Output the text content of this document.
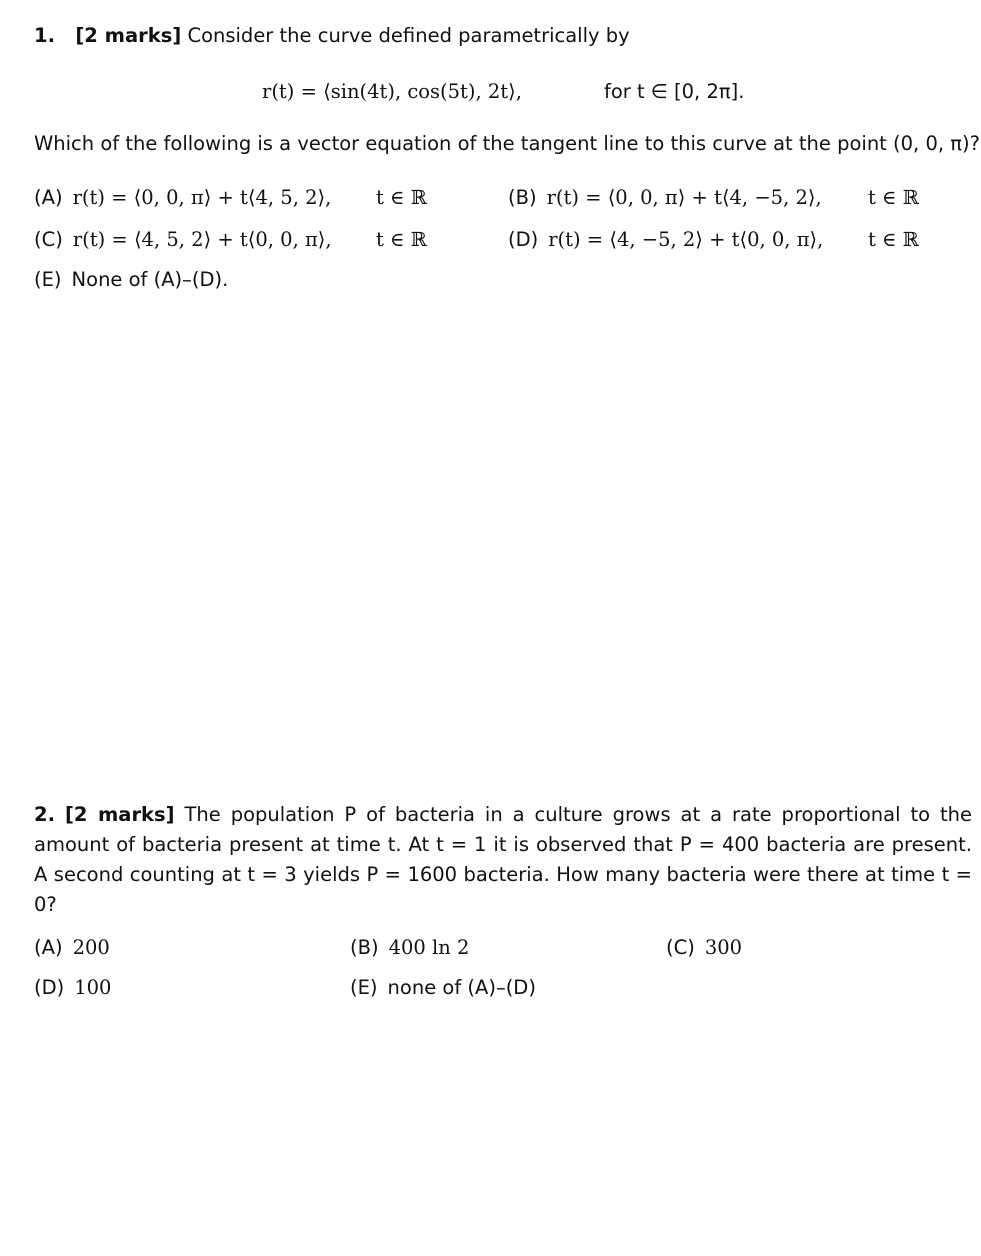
1. [2 marks] Consider the curve defined parametrically by
r(t) = ⟨sin(4t), cos(5t), 2t⟩,	for t ∈ [0, 2π].
Which of the following is a vector equation of the tangent line to this curve at the point (0, 0, π)?
(A) r(t) = ⟨0, 0, π⟩ + t⟨4, 5, 2⟩, t ∈ ℝ	(B) r(t) = ⟨0, 0, π⟩ + t⟨4, −5, 2⟩, t ∈ ℝ
(C) r(t) = ⟨4, 5, 2⟩ + t⟨0, 0, π⟩, t ∈ ℝ	(D) r(t) = ⟨4, −5, 2⟩ + t⟨0, 0, π⟩, t ∈ ℝ
(E) None of (A)–(D).
2. [2 marks] The population P of bacteria in a culture grows at a rate proportional to the amount of bacteria present at time t. At t = 1 it is observed that P = 400 bacteria are present. A second counting at t = 3 yields P = 1600 bacteria. How many bacteria were there at time t = 0?
(A) 200	(B) 400 ln 2	(C) 300
(D) 100	(E) none of (A)–(D)
